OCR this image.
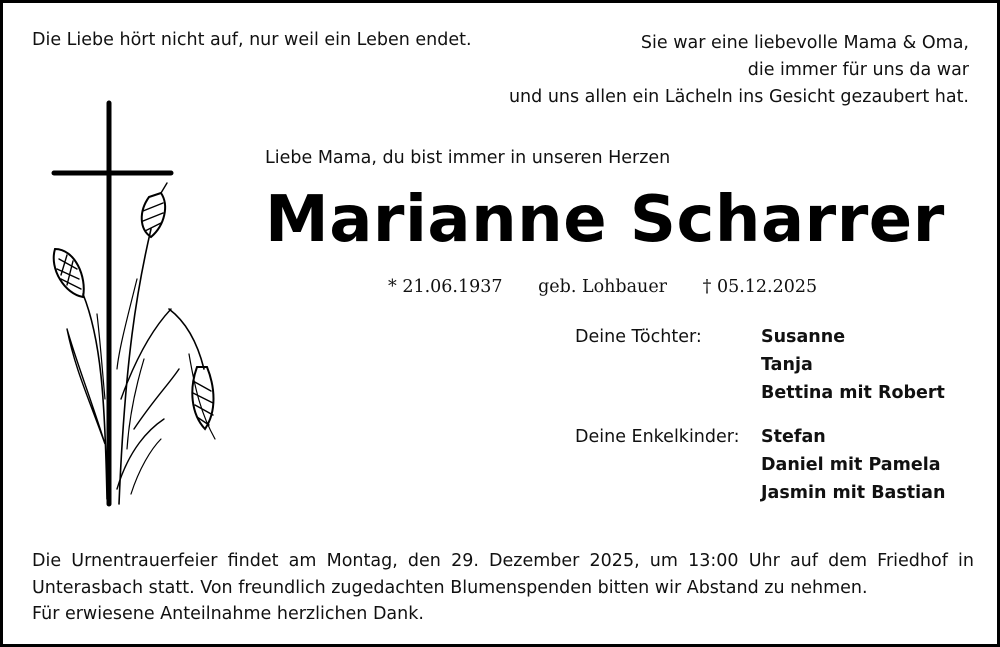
Die Liebe hört nicht auf, nur weil ein Leben endet.	Sie war eine liebevolle Mama & Oma,
die immer für uns da war
und uns allen ein Lächeln ins Gesicht gezaubert hat.
Liebe Mama, du bist immer in unseren Herzen
Marianne Scharrer
* 21.06.1937 geb. Lohbauer † 05.12.2025
Deine Töchter:	Susanne
Tanja
Bettina mit Robert
Deine Enkelkinder: Stefan
Daniel mit Pamela
Jasmin mit Bastian
Die Urnentrauerfeier findet am Montag, den 29. Dezember 2025, um 13:00 Uhr auf dem Friedhof in
Unterasbach statt. Von freundlich zugedachten Blumenspenden bitten wir Abstand zu nehmen.
Für erwiesene Anteilnahme herzlichen Dank.
